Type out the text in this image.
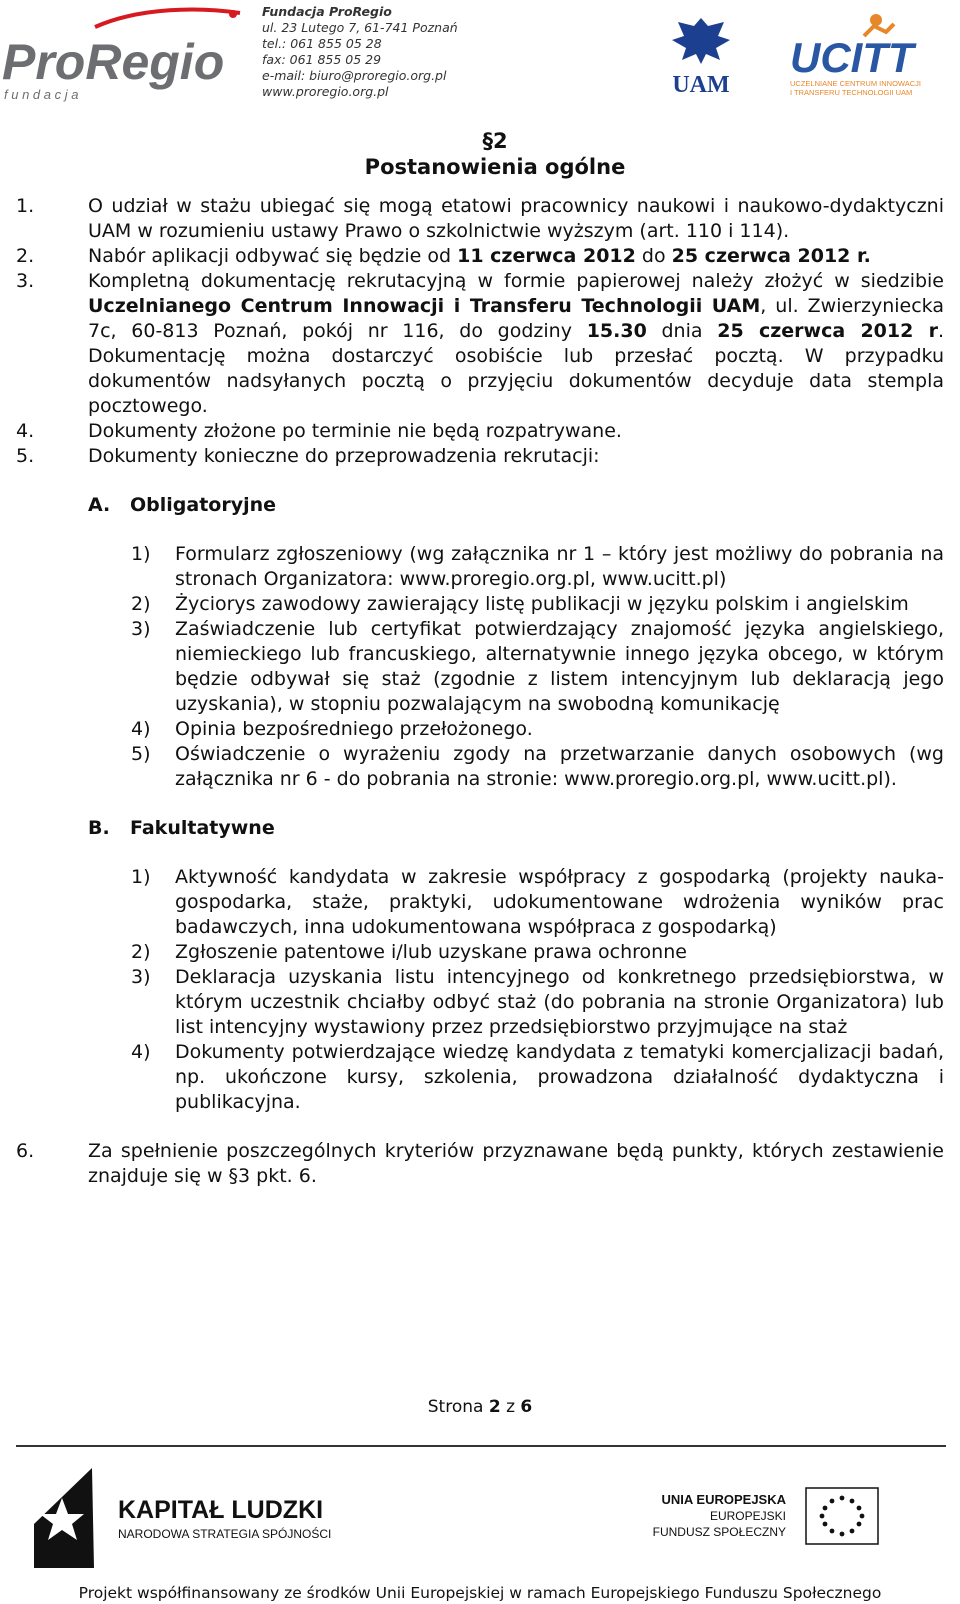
ProRegio
f u n d a c j a
Fundacja ProRegio
ul. 23 Lutego 7, 61-741 Poznań
tel.: 061 855 05 28
fax: 061 855 05 29
e-mail: biuro@proregio.org.pl
www.proregio.org.pl	UAM
UCITT
UCZELNIANE CENTRUM INNOWACJI
I TRANSFERU TECHNOLOGII UAM
§2
Postanowienia ogólne

1.	O udział w stażu ubiegać się mogą etatowi pracownicy naukowi i naukowo-dydaktyczni UAM w rozumieniu ustawy Prawo o szkolnictwie wyższym (art. 110 i 114).

2.	Nabór aplikacji odbywać się będzie od 11 czerwca 2012 do 25 czerwca 2012 r.

3.	Kompletną dokumentację rekrutacyjną w formie papierowej należy złożyć w siedzibie Uczelnianego Centrum Innowacji i Transferu Technologii UAM, ul. Zwierzyniecka 7c, 60-813 Poznań, pokój nr 116, do godziny 15.30 dnia 25 czerwca 2012 r. Dokumentację można dostarczyć osobiście lub przesłać pocztą. W przypadku dokumentów nadsyłanych pocztą o przyjęciu dokumentów decyduje data stempla pocztowego.

4.	Dokumenty złożone po terminie nie będą rozpatrywane.

5.	Dokumenty konieczne do przeprowadzenia rekrutacji:

A. Obligatoryjne

1) Formularz zgłoszeniowy (wg załącznika nr 1 – który jest możliwy do pobrania na stronach Organizatora: www.proregio.org.pl, www.ucitt.pl)

2) Życiorys zawodowy zawierający listę publikacji w języku polskim i angielskim

3) Zaświadczenie lub certyfikat potwierdzający znajomość języka angielskiego, niemieckiego lub francuskiego, alternatywnie innego języka obcego, w którym będzie odbywał się staż (zgodnie z listem intencyjnym lub deklaracją jego uzyskania), w stopniu pozwalającym na swobodną komunikację

4) Opinia bezpośredniego przełożonego.

5) Oświadczenie o wyrażeniu zgody na przetwarzanie danych osobowych (wg załącznika nr 6 - do pobrania na stronie: www.proregio.org.pl, www.ucitt.pl).

B. Fakultatywne

1) Aktywność kandydata w zakresie współpracy z gospodarką (projekty nauka-gospodarka, staże, praktyki, udokumentowane wdrożenia wyników prac badawczych, inna udokumentowana współpraca z gospodarką)

2) Zgłoszenie patentowe i/lub uzyskane prawa ochronne

3) Deklaracja uzyskania listu intencyjnego od konkretnego przedsiębiorstwa, w którym uczestnik chciałby odbyć staż (do pobrania na stronie Organizatora) lub list intencyjny wystawiony przez przedsiębiorstwo przyjmujące na staż

4) Dokumenty potwierdzające wiedzę kandydata z tematyki komercjalizacji badań, np. ukończone kursy, szkolenia, prowadzona działalność dydaktyczna i publikacyjna.

6.	Za spełnienie poszczególnych kryteriów przyznawane będą punkty, których zestawienie znajduje się w §3 pkt. 6.

Strona 2 z 6
KAPITAŁ LUDZKI
NARODOWA STRATEGIA SPÓJNOŚCI
UNIA EUROPEJSKA
EUROPEJSKI
FUNDUSZ SPOŁECZNY
Projekt współfinansowany ze środków Unii Europejskiej w ramach Europejskiego Funduszu Społecznego
